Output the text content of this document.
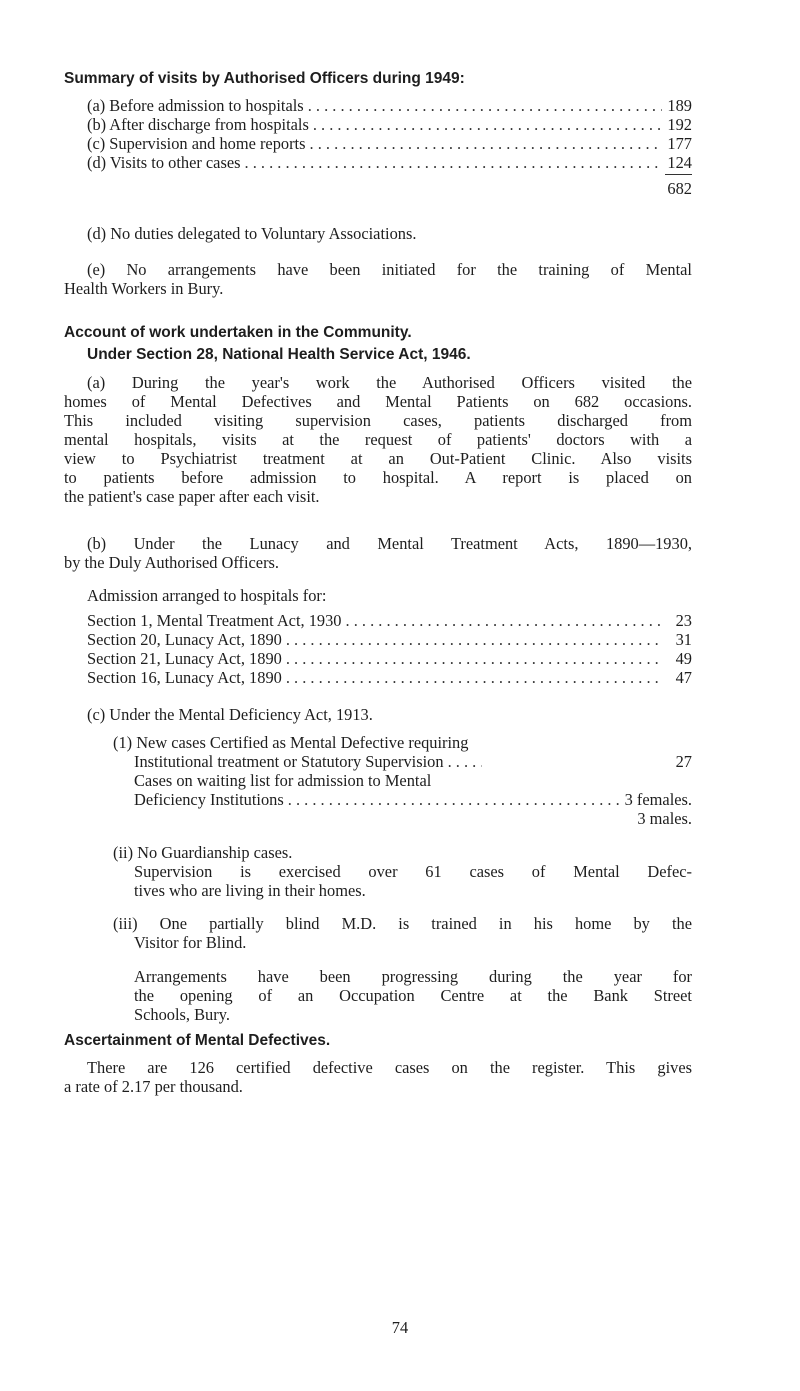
Summary of visits by Authorised Officers during 1949:
(a) Before admission to hospitals . . .	189
(b) After discharge from hospitals . . .	192
(c) Supervision and home reports . . .	177
(d) Visits to other cases . . .	124
682
(d) No duties delegated to Voluntary Associations.
(e) No arrangements have been initiated for the training of Mental
Health Workers in Bury.
Account of work undertaken in the Community.
Under Section 28, National Health Service Act, 1946.
(a) During the year's work the Authorised Officers visited the
homes of Mental Defectives and Mental Patients on 682 occasions.
This included visiting supervision cases, patients discharged from
mental hospitals, visits at the request of patients' doctors with a
view to Psychiatrist treatment at an Out-Patient Clinic. Also visits
to patients before admission to hospital. A report is placed on
the patient's case paper after each visit.
(b) Under the Lunacy and Mental Treatment Acts, 1890—1930,
by the Duly Authorised Officers.
Admission arranged to hospitals for:
Section 1, Mental Treatment Act, 1930 . . .	23
Section 20, Lunacy Act, 1890 . . .	31
Section 21, Lunacy Act, 1890 . . .	49
Section 16, Lunacy Act, 1890 . . .	47
(c) Under the Mental Deficiency Act, 1913.
(1) New cases Certified as Mental Defective requiring
Institutional treatment or Statutory Supervision . . .	27
Cases on waiting list for admission to Mental
Deficiency Institutions . . .	3 females.
3 males.
(ii) No Guardianship cases.
Supervision is exercised over 61 cases of Mental Defec-
tives who are living in their homes.
(iii) One partially blind M.D. is trained in his home by the
Visitor for Blind.
Arrangements have been progressing during the year for
the opening of an Occupation Centre at the Bank Street
Schools, Bury.
Ascertainment of Mental Defectives.
There are 126 certified defective cases on the register. This gives
a rate of 2.17 per thousand.
74
